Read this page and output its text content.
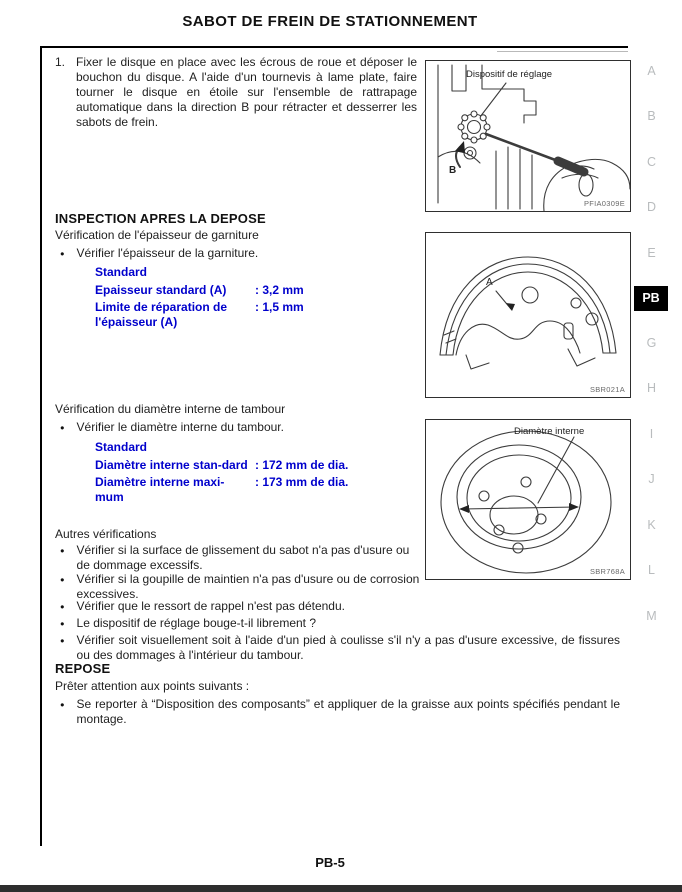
SABOT DE FREIN DE STATIONNEMENT
1. Fixer le disque en place avec les écrous de roue et déposer le bouchon du disque. A l'aide d'un tournevis à lame plate, faire tourner le disque en étoile sur l'ensemble de rattrapage automatique dans la direction B pour rétracter et desserrer les sabots de frein.
Dispositif de réglage
B
PFIA0309E
INSPECTION APRES LA DEPOSE
Vérification de l'épaisseur de garniture
● Vérifier l'épaisseur de la garniture.
Standard
Epaisseur standard (A)	: 3,2 mm
Limite de réparation de l'épaisseur (A)
: 1,5 mm
A
SBR021A
Vérification du diamètre interne de tambour
● Vérifier le diamètre interne du tambour.
Standard
Diamètre interne stan-dard : 172 mm de dia.
Diamètre interne maxi-mum
: 173 mm de dia.
Diamètre interne
SBR768A
Autres vérifications
● Vérifier si la surface de glissement du sabot n'a pas d'usure ou de dommage excessifs.
● Vérifier si la goupille de maintien n'a pas d'usure ou de corrosion excessives.
● Vérifier que le ressort de rappel n'est pas détendu.
● Le dispositif de réglage bouge-t-il librement ?
● Vérifier soit visuellement soit à l'aide d'un pied à coulisse s'il n'y a pas d'usure excessive, de fissures ou des dommages à l'intérieur du tambour.
REPOSE
Prêter attention aux points suivants :
● Se reporter à “Disposition des composants” et appliquer de la graisse aux points spécifiés pendant le montage.
A
B
C
D
E
PB
G
H
I
J
K
L
M
PB-5
